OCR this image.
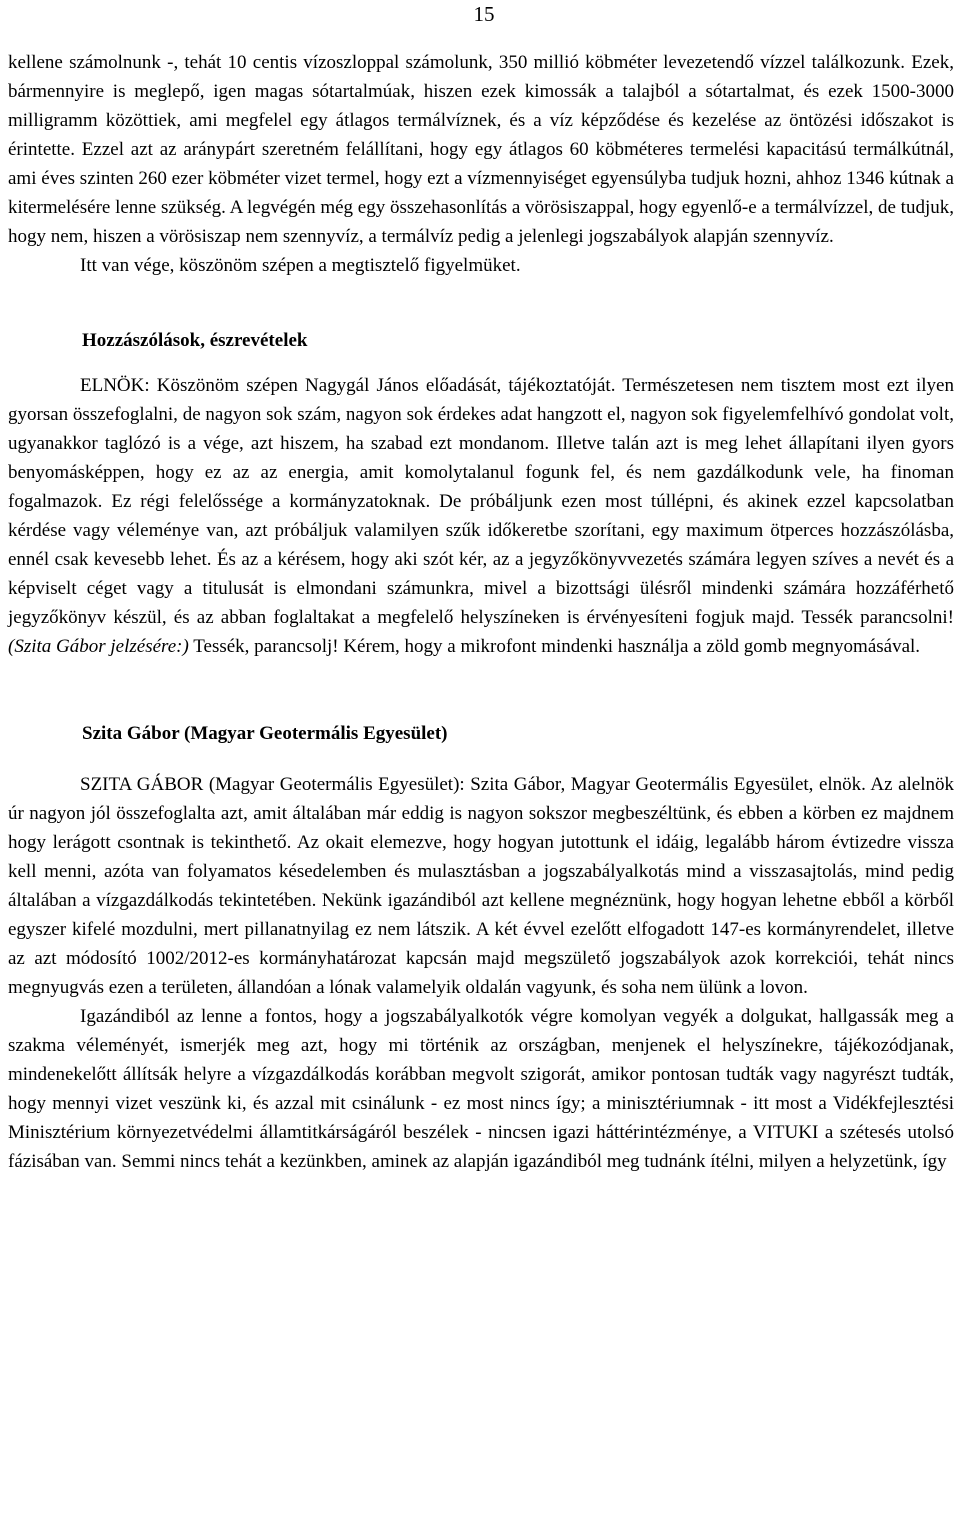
15

kellene számolnunk -, tehát 10 centis vízoszloppal számolunk, 350 millió köbméter levezetendő vízzel találkozunk. Ezek, bármennyire is meglepő, igen magas sótartalmúak, hiszen ezek kimossák a talajból a sótartalmat, és ezek 1500-3000 milligramm közöttiek, ami megfelel egy átlagos termálvíznek, és a víz képződése és kezelése az öntözési időszakot is érintette. Ezzel azt az aránypárt szeretném felállítani, hogy egy átlagos 60 köbméteres termelési kapacitású termálkútnál, ami éves szinten 260 ezer köbméter vizet termel, hogy ezt a vízmennyiséget egyensúlyba tudjuk hozni, ahhoz 1346 kútnak a kitermelésére lenne szükség. A legvégén még egy összehasonlítás a vörösiszappal, hogy egyenlő-e a termálvízzel, de tudjuk, hogy nem, hiszen a vörösiszap nem szennyvíz, a termálvíz pedig a jelenlegi jogszabályok alapján szennyvíz.

Itt van vége, köszönöm szépen a megtisztelő figyelmüket.

Hozzászólások, észrevételek

ELNÖK: Köszönöm szépen Nagygál János előadását, tájékoztatóját. Természetesen nem tisztem most ezt ilyen gyorsan összefoglalni, de nagyon sok szám, nagyon sok érdekes adat hangzott el, nagyon sok figyelemfelhívó gondolat volt, ugyanakkor taglózó is a vége, azt hiszem, ha szabad ezt mondanom. Illetve talán azt is meg lehet állapítani ilyen gyors benyomásképpen, hogy ez az az energia, amit komolytalanul fogunk fel, és nem gazdálkodunk vele, ha finoman fogalmazok. Ez régi felelőssége a kormányzatoknak. De próbáljunk ezen most túllépni, és akinek ezzel kapcsolatban kérdése vagy véleménye van, azt próbáljuk valamilyen szűk időkeretbe szorítani, egy maximum ötperces hozzászólásba, ennél csak kevesebb lehet. És az a kérésem, hogy aki szót kér, az a jegyzőkönyvvezetés számára legyen szíves a nevét és a képviselt céget vagy a titulusát is elmondani számunkra, mivel a bizottsági ülésről mindenki számára hozzáférhető jegyzőkönyv készül, és az abban foglaltakat a megfelelő helyszíneken is érvényesíteni fogjuk majd. Tessék parancsolni! (Szita Gábor jelzésére:) Tessék, parancsolj! Kérem, hogy a mikrofont mindenki használja a zöld gomb megnyomásával.

Szita Gábor (Magyar Geotermális Egyesület)

SZITA GÁBOR (Magyar Geotermális Egyesület): Szita Gábor, Magyar Geotermális Egyesület, elnök. Az alelnök úr nagyon jól összefoglalta azt, amit általában már eddig is nagyon sokszor megbeszéltünk, és ebben a körben ez majdnem hogy lerágott csontnak is tekinthető. Az okait elemezve, hogy hogyan jutottunk el idáig, legalább három évtizedre vissza kell menni, azóta van folyamatos késedelemben és mulasztásban a jogszabályalkotás mind a visszasajtolás, mind pedig általában a vízgazdálkodás tekintetében. Nekünk igazándiból azt kellene megnéznünk, hogy hogyan lehetne ebből a körből egyszer kifelé mozdulni, mert pillanatnyilag ez nem látszik. A két évvel ezelőtt elfogadott 147-es kormányrendelet, illetve az azt módosító 1002/2012-es kormányhatározat kapcsán majd megszülető jogszabályok azok korrekciói, tehát nincs megnyugvás ezen a területen, állandóan a lónak valamelyik oldalán vagyunk, és soha nem ülünk a lovon.

Igazándiból az lenne a fontos, hogy a jogszabályalkotók végre komolyan vegyék a dolgukat, hallgassák meg a szakma véleményét, ismerjék meg azt, hogy mi történik az országban, menjenek el helyszínekre, tájékozódjanak, mindenekelőtt állítsák helyre a vízgazdálkodás korábban megvolt szigorát, amikor pontosan tudták vagy nagyrészt tudták, hogy mennyi vizet veszünk ki, és azzal mit csinálunk - ez most nincs így; a minisztériumnak - itt most a Vidékfejlesztési Minisztérium környezetvédelmi államtitkárságáról beszélek - nincsen igazi háttérintézménye, a VITUKI a szétesés utolsó fázisában van. Semmi nincs tehát a kezünkben, aminek az alapján igazándiból meg tudnánk ítélni, milyen a helyzetünk, így
